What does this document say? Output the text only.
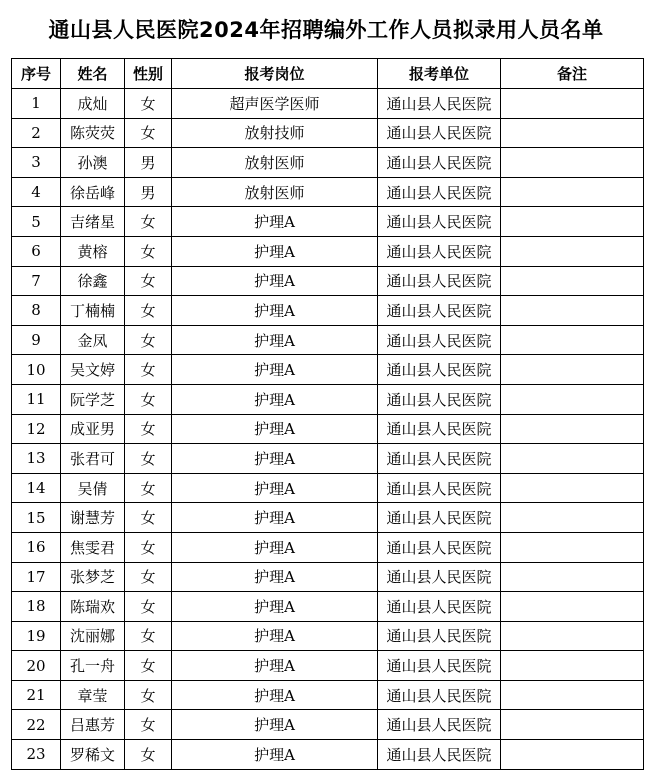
通山县人民医院2024年招聘编外工作人员拟录用人员名单
序号	姓名	性别	报考岗位	报考单位	备注
1	成灿	女	超声医学医师	通山县人民医院	
2	陈荧荧	女	放射技师	通山县人民医院	
3	孙澳	男	放射医师	通山县人民医院	
4	徐岳峰	男	放射医师	通山县人民医院	
5	吉绪星	女	护理A	通山县人民医院	
6	黄榕	女	护理A	通山县人民医院	
7	徐鑫	女	护理A	通山县人民医院	
8	丁楠楠	女	护理A	通山县人民医院	
9	金凤	女	护理A	通山县人民医院	
10	吴文婷	女	护理A	通山县人民医院	
11	阮学芝	女	护理A	通山县人民医院	
12	成亚男	女	护理A	通山县人民医院	
13	张君可	女	护理A	通山县人民医院	
14	吴倩	女	护理A	通山县人民医院	
15	谢慧芳	女	护理A	通山县人民医院	
16	焦雯君	女	护理A	通山县人民医院	
17	张梦芝	女	护理A	通山县人民医院	
18	陈瑞欢	女	护理A	通山县人民医院	
19	沈丽娜	女	护理A	通山县人民医院	
20	孔一舟	女	护理A	通山县人民医院	
21	章莹	女	护理A	通山县人民医院	
22	吕惠芳	女	护理A	通山县人民医院	
23	罗稀文	女	护理A	通山县人民医院	
